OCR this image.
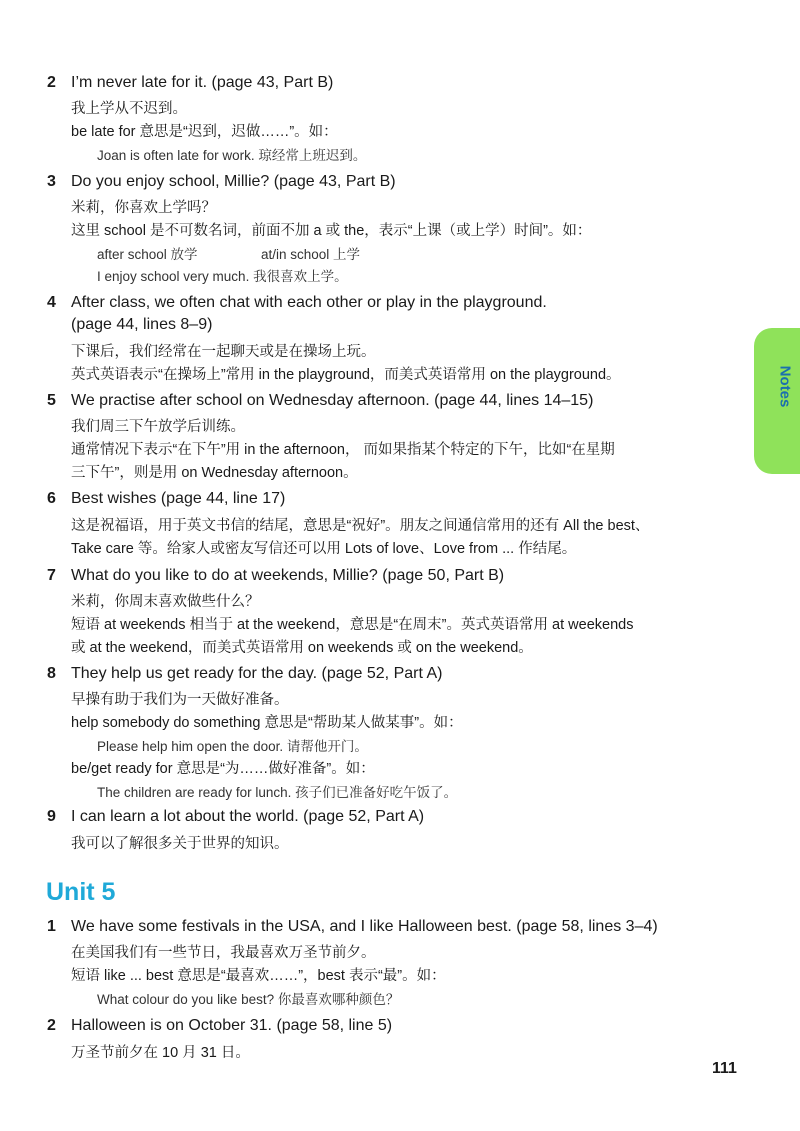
2 I’m never late for it. (page 43, Part B)
我上学从不迟到。
be late for 意思是“迟到，迟做……”。如：
Joan is often late for work. 琼经常上班迟到。
3 Do you enjoy school, Millie? (page 43, Part B)
米莉，你喜欢上学吗？
这里 school 是不可数名词，前面不加 a 或 the，表示“上课（或上学）时间”。如：
after school 放学	at/in school 上学
I enjoy school very much. 我很喜欢上学。
4 After class, we often chat with each other or play in the playground.
(page 44, lines 8–9)
下课后，我们经常在一起聊天或是在操场上玩。
英式英语表示“在操场上”常用 in the playground，而美式英语常用 on the playground。
5 We practise after school on Wednesday afternoon. (page 44, lines 14–15)
我们周三下午放学后训练。
通常情况下表示“在下午”用 in the afternoon， 而如果指某个特定的下午，比如“在星期
三下午”，则是用 on Wednesday afternoon。
6 Best wishes (page 44, line 17)
这是祝福语，用于英文书信的结尾，意思是“祝好”。朋友之间通信常用的还有 All the best、
Take care 等。给家人或密友写信还可以用 Lots of love、Love from ... 作结尾。
7 What do you like to do at weekends, Millie? (page 50, Part B)
米莉，你周末喜欢做些什么？
短语 at weekends 相当于 at the weekend，意思是“在周末”。英式英语常用 at weekends
或 at the weekend，而美式英语常用 on weekends 或 on the weekend。
8 They help us get ready for the day. (page 52, Part A)
早操有助于我们为一天做好准备。
help somebody do something 意思是“帮助某人做某事”。如：
Please help him open the door. 请帮他开门。
be/get ready for 意思是“为……做好准备”。如：
The children are ready for lunch. 孩子们已准备好吃午饭了。
9 I can learn a lot about the world. (page 52, Part A)
我可以了解很多关于世界的知识。
Unit 5
1 We have some festivals in the USA, and I like Halloween best. (page 58, lines 3–4)
在美国我们有一些节日，我最喜欢万圣节前夕。
短语 like ... best 意思是“最喜欢……”，best 表示“最”。如：
What colour do you like best? 你最喜欢哪种颜色？
2 Halloween is on October 31. (page 58, line 5)
万圣节前夕在 10 月 31 日。
Notes
111
